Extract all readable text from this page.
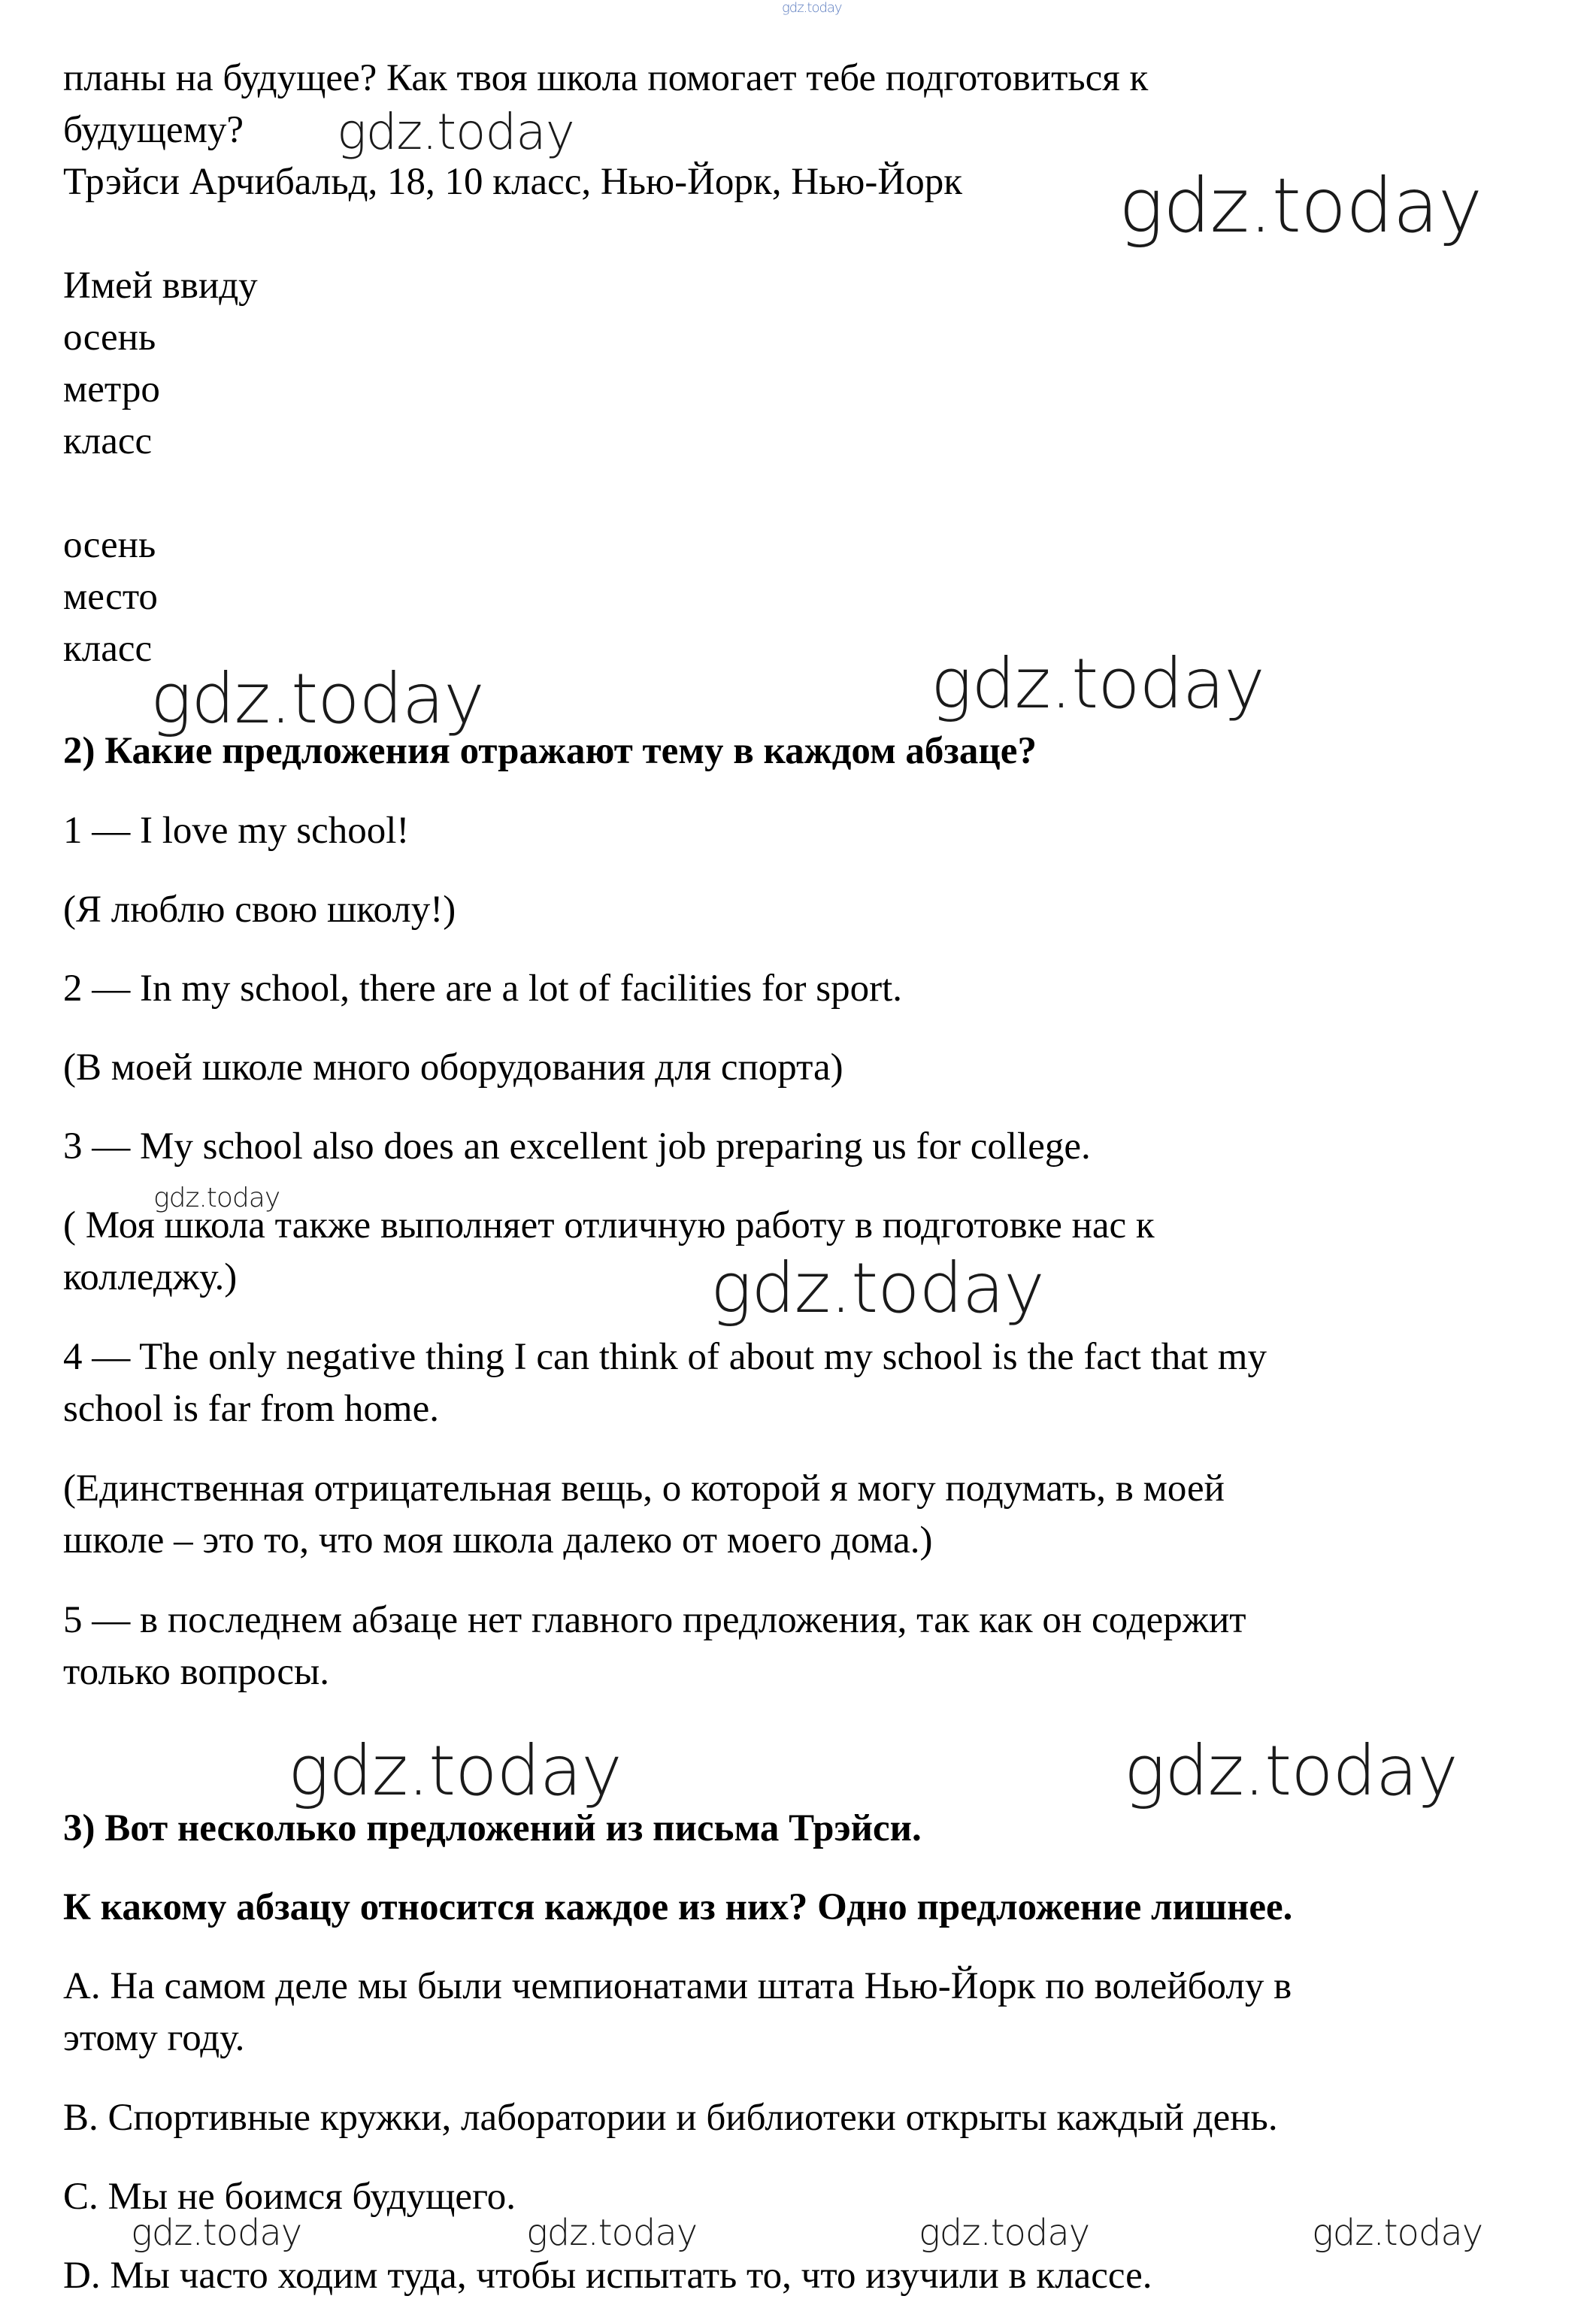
gdz.today

планы на будущее? Как твоя школа помогает тебе подготовиться к

будущему?

Трэйси Арчибальд, 18, 10 класс, Нью-Йорк, Нью-Йорк

Имей ввиду

осень

метро

класс

осень

место

класс

2) Какие предложения отражают тему в каждом абзаце?

1 — I love my school!

(Я люблю свою школу!)

2 — In my school, there are a lot of facilities for sport.

(В моей школе много оборудования для спорта)

3 — My school also does an excellent job preparing us for college.

( Моя школа также выполняет отличную работу в подготовке нас к

колледжу.)

4 — The only negative thing I can think of about my school is the fact that my

school is far from home.

(Единственная отрицательная вещь, о которой я могу подумать, в моей

школе – это то, что моя школа далеко от моего дома.)

5 — в последнем абзаце нет главного предложения, так как он содержит

только вопросы.

3) Вот несколько предложений из письма Трэйси.

К какому абзацу относится каждое из них? Одно предложение лишнее.

A. На самом деле мы были чемпионатами штата Нью-Йорк по волейболу в

этому году.

B. Спортивные кружки, лаборатории и библиотеки открыты каждый день.

C. Мы не боимся будущего.

D. Мы часто ходим туда, чтобы испытать то, что изучили в классе.

gdz.today
gdz.today
gdz.today	gdz.today
gdz.today
gdz.today
gdz.today	gdz.today
gdz.today	gdz.today	gdz.today	gdz.today
